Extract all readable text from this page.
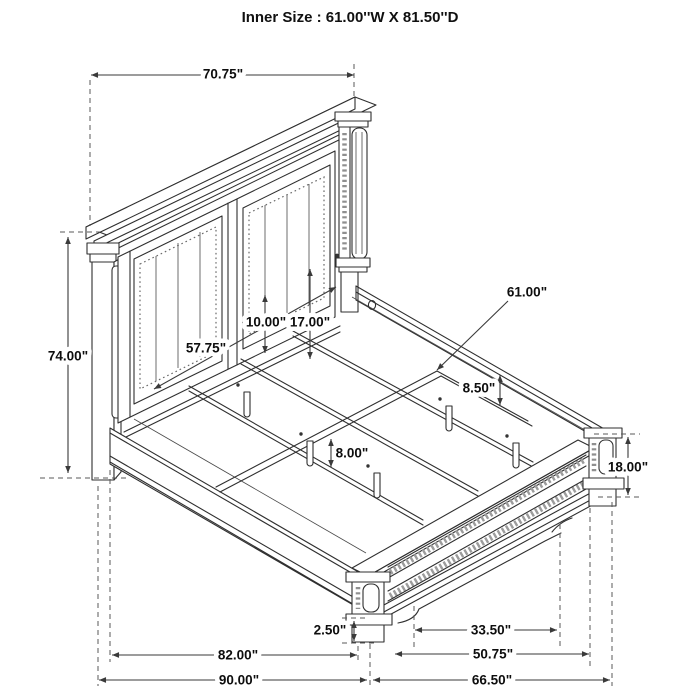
Inner Size : 61.00''W X 81.50''D
70.75"
74.00"
10.00" 17.00"
57.75"
61.00"
8.50"
8.00"
18.00"
2.50"	33.50"
82.00"	50.75"
90.00"	66.50"
